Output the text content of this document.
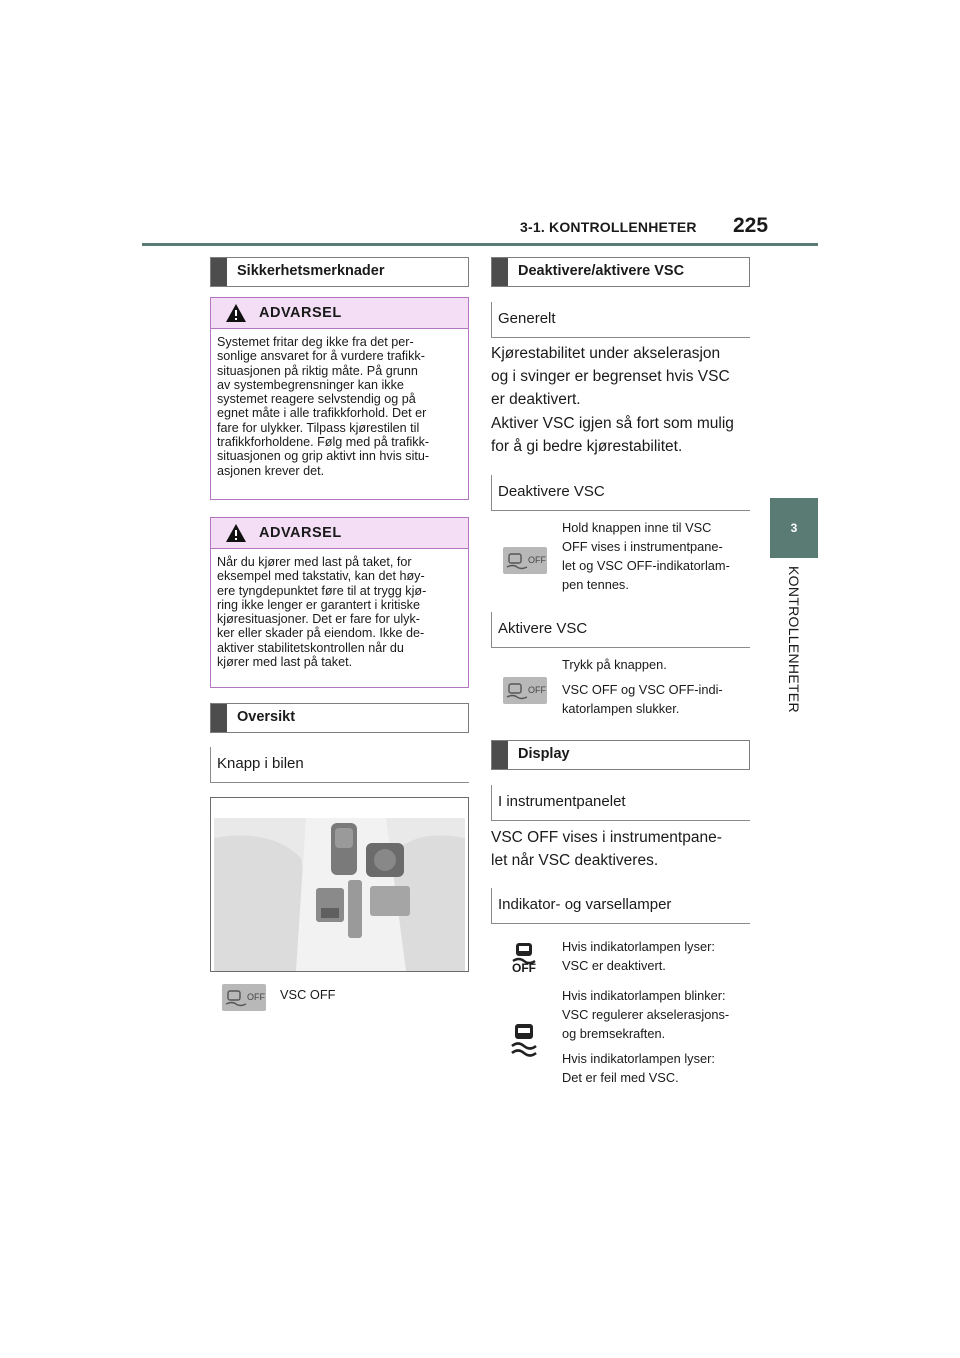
3-1. KONTROLLENHETER 225
3
KONTROLLENHETER
Sikkerhetsmerknader
ADVARSEL
Systemet fritar deg ikke fra det per-
sonlige ansvaret for å vurdere trafikk-
situasjonen på riktig måte. På grunn
av systembegrensninger kan ikke
systemet reagere selvstendig og på
egnet måte i alle trafikkforhold. Det er
fare for ulykker. Tilpass kjørestilen til
trafikkforholdene. Følg med på trafikk-
situasjonen og grip aktivt inn hvis situ-
asjonen krever det.
ADVARSEL
Når du kjører med last på taket, for
eksempel med takstativ, kan det høy-
ere tyngdepunktet føre til at trygg kjø-
ring ikke lenger er garantert i kritiske
kjøresituasjoner. Det er fare for ulyk-
ker eller skader på eiendom. Ikke de-
aktiver stabilitetskontrollen når du
kjører med last på taket.
Oversikt
Knapp i bilen
OFF VSC OFF
Deaktivere/aktivere VSC
Generelt
Kjørestabilitet under akselerasjon
og i svinger er begrenset hvis VSC
er deaktivert.
Aktiver VSC igjen så fort som mulig
for å gi bedre kjørestabilitet.
Deaktivere VSC
OFF
Hold knappen inne til VSC
OFF vises i instrumentpane-
let og VSC OFF-indikatorlam-
pen tennes.
Aktivere VSC
OFF
Trykk på knappen.
VSC OFF og VSC OFF-indi-
katorlampen slukker.
Display
I instrumentpanelet
VSC OFF vises i instrumentpane-
let når VSC deaktiveres.
Indikator- og varsellamper
OFF
Hvis indikatorlampen lyser:
VSC er deaktivert.
Hvis indikatorlampen blinker:
VSC regulerer akselerasjons-
og bremsekraften.
Hvis indikatorlampen lyser:
Det er feil med VSC.
